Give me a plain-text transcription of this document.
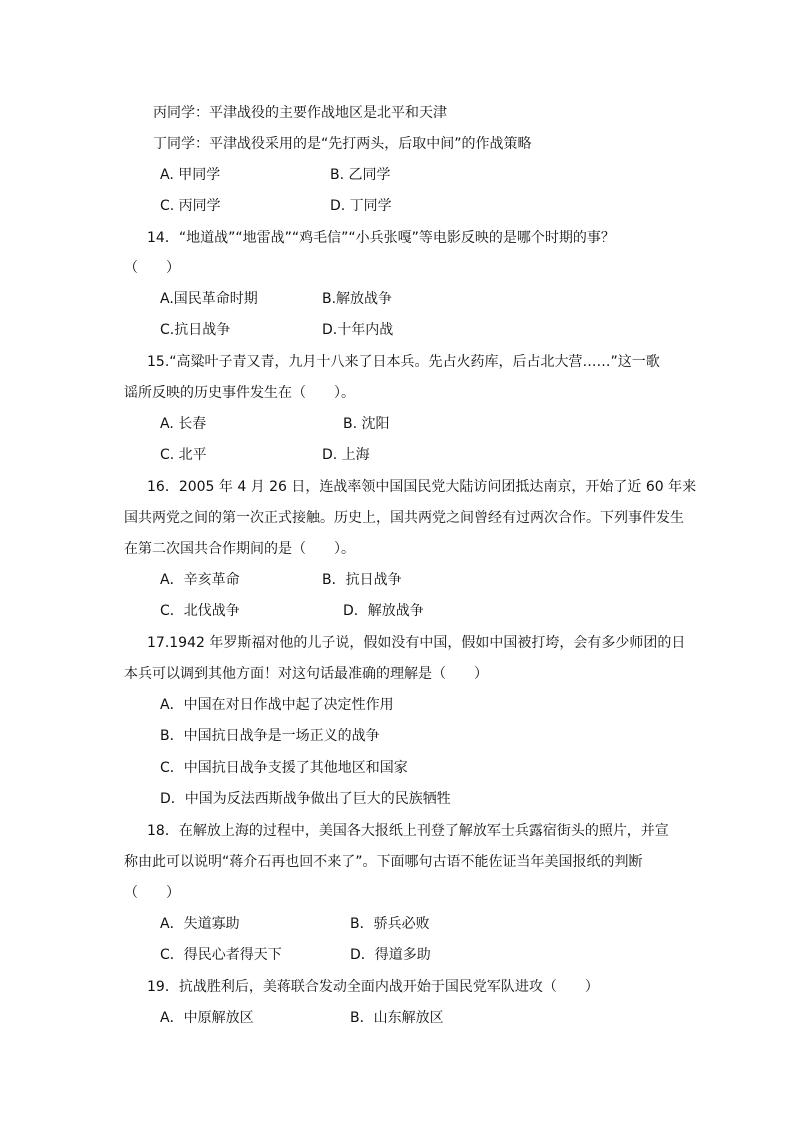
丙同学：平津战役的主要作战地区是北平和天津
丁同学：平津战役采用的是“先打两头，后取中间”的作战策略
A. 甲同学	B. 乙同学
C. 丙同学	D. 丁同学
14．“地道战”“地雷战”“鸡毛信”“小兵张嘎”等电影反映的是哪个时期的事？
（　　）
A.国民革命时期	B.解放战争
C.抗日战争	D.十年内战
15.“高粱叶子青又青，九月十八来了日本兵。先占火药库，后占北大营……”这一歌
谣所反映的历史事件发生在（　　）。
A. 长春	B. 沈阳
C. 北平	D. 上海
16．2005 年 4 月 26 日，连战率领中国国民党大陆访问团抵达南京，开始了近 60 年来
国共两党之间的第一次正式接触。历史上，国共两党之间曾经有过两次合作。下列事件发生
在第二次国共合作期间的是（　　）。
A．辛亥革命	B．抗日战争
C．北伐战争	D．解放战争
17.1942 年罗斯福对他的儿子说，假如没有中国，假如中国被打垮，会有多少师团的日
本兵可以调到其他方面！对这句话最准确的理解是（　　）
A．中国在对日作战中起了决定性作用
B．中国抗日战争是一场正义的战争
C．中国抗日战争支援了其他地区和国家
D．中国为反法西斯战争做出了巨大的民族牺牲
18．在解放上海的过程中，美国各大报纸上刊登了解放军士兵露宿街头的照片，并宣
称由此可以说明“蒋介石再也回不来了”。下面哪句古语不能佐证当年美国报纸的判断
（　　）
A．失道寡助	B．骄兵必败
C．得民心者得天下	D．得道多助
19．抗战胜利后，美蒋联合发动全面内战开始于国民党军队进攻（　　）
A．中原解放区	B．山东解放区
